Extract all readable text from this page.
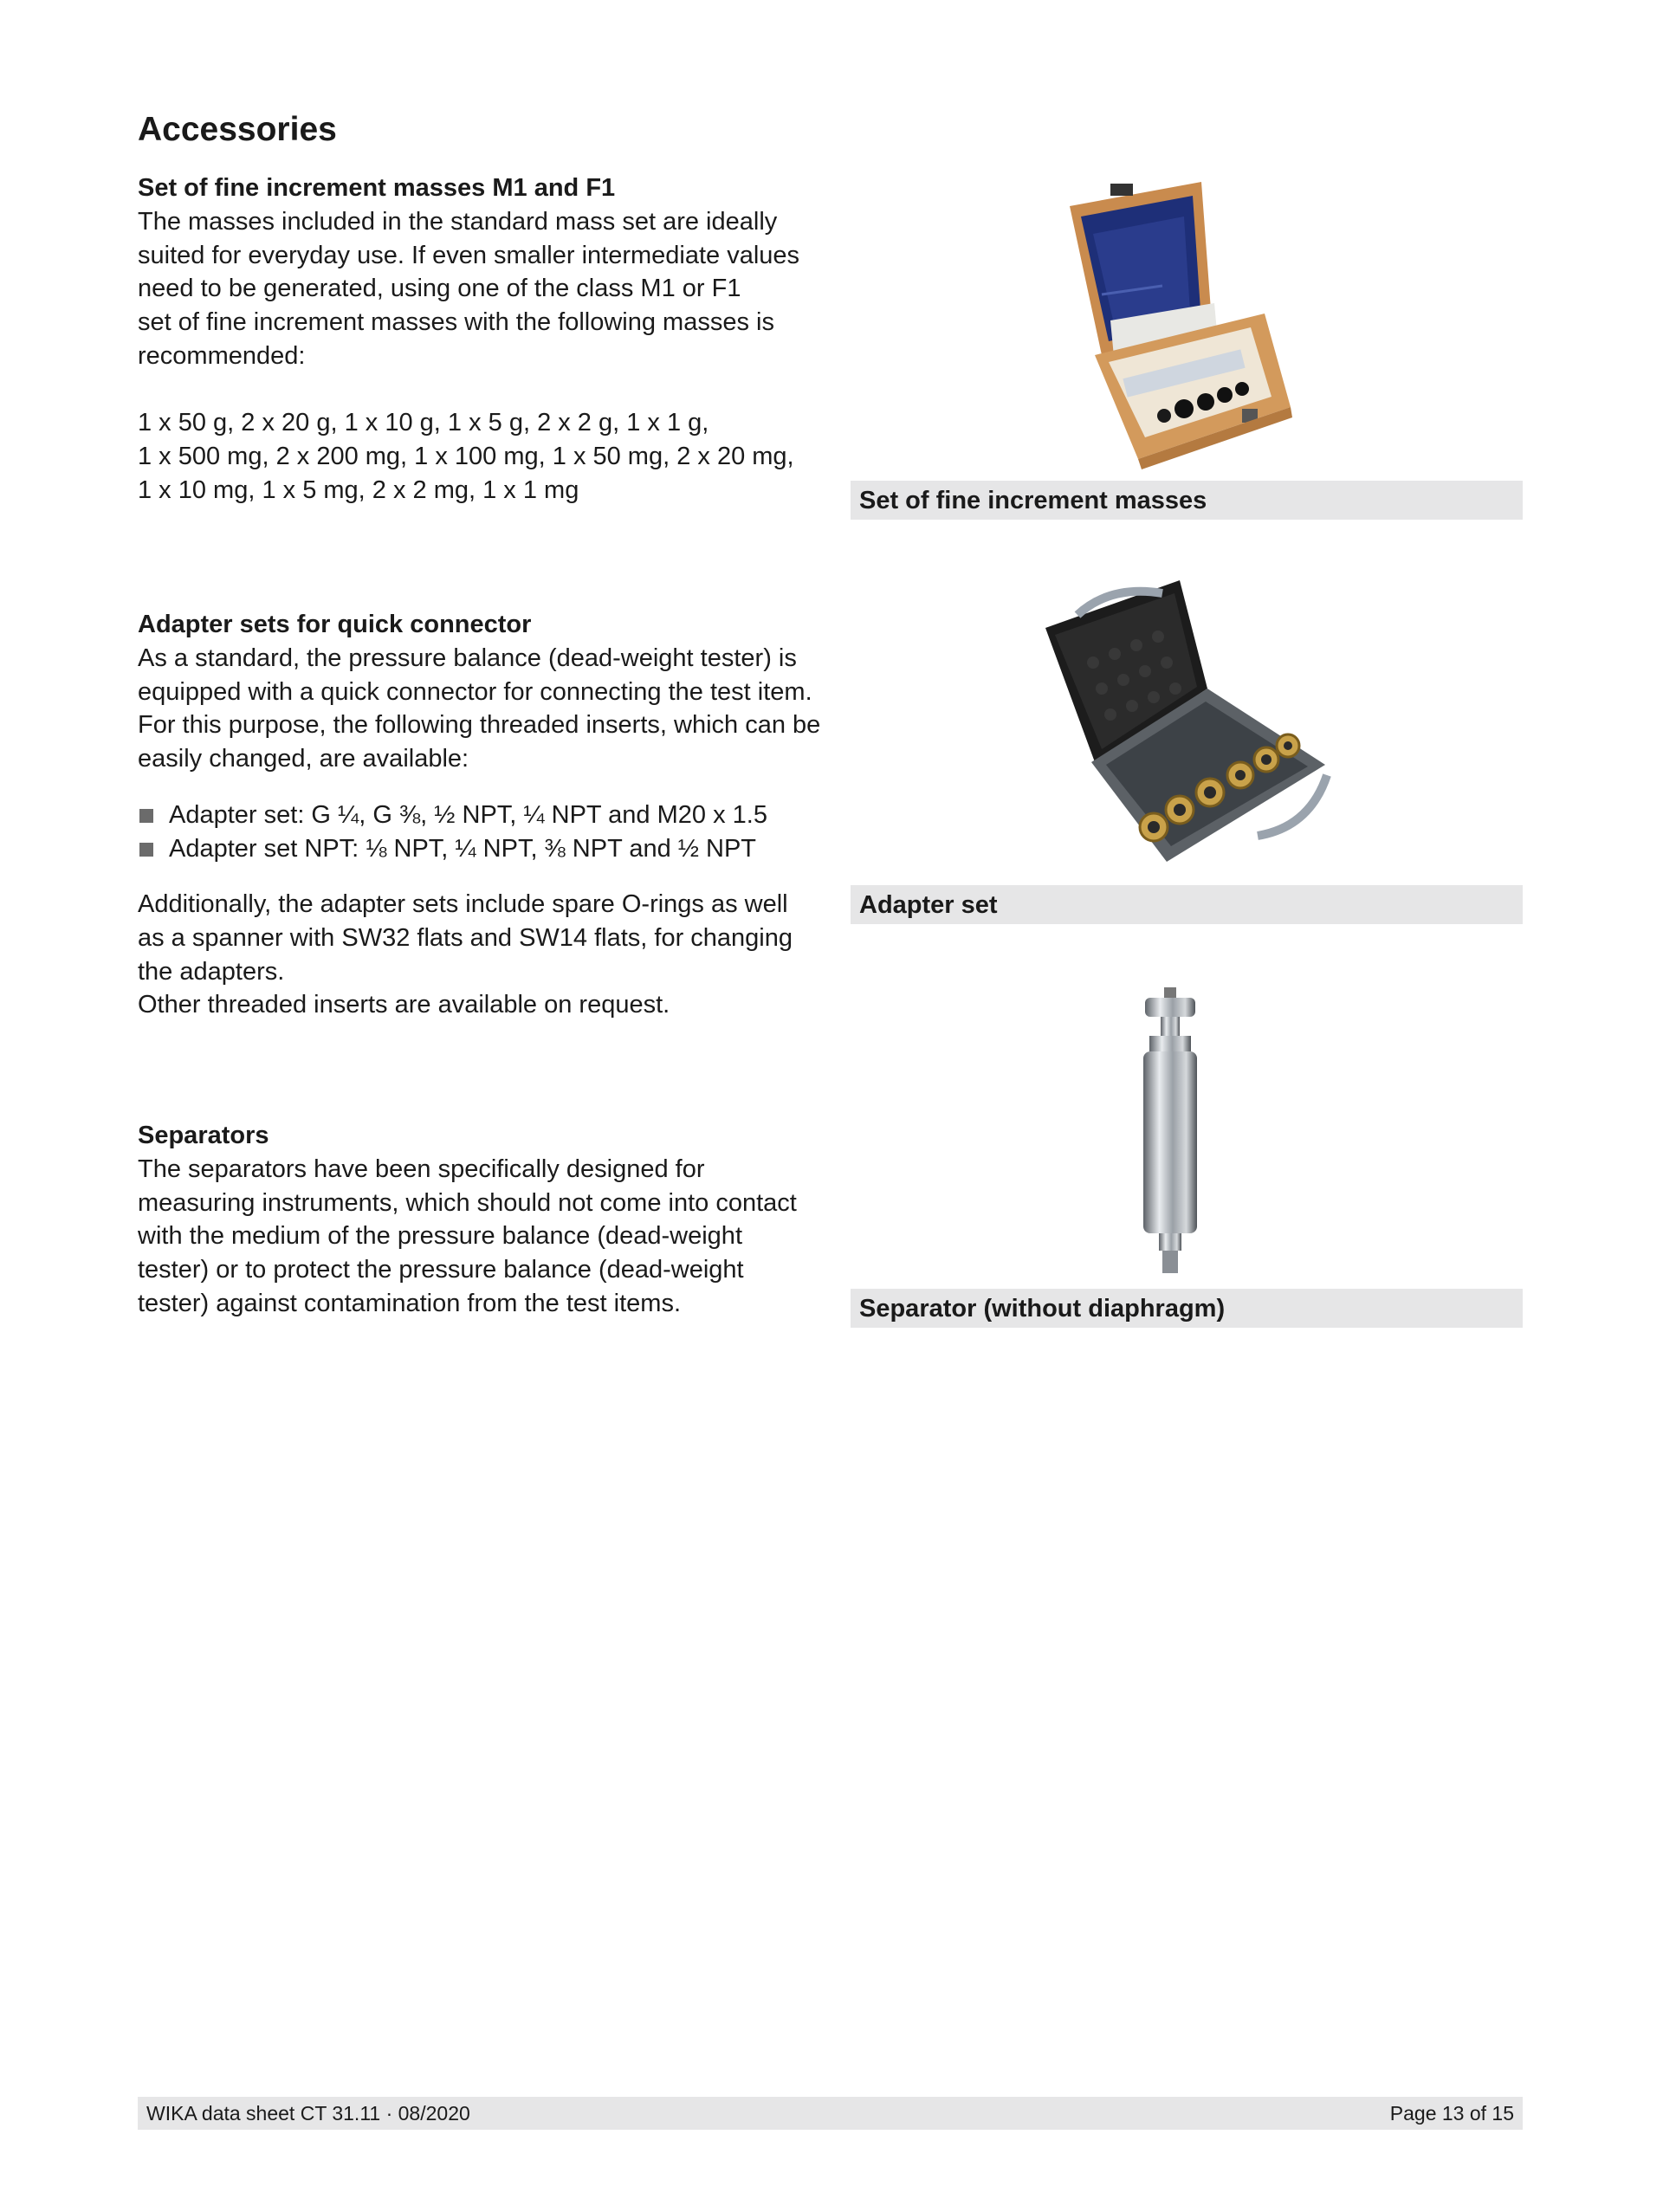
Accessories

Set of fine increment masses M1 and F1

The masses included in the standard mass set are ideally

suited for everyday use. If even smaller intermediate values

need to be generated, using one of the class M1 or F1

set of fine increment masses with the following masses is

recommended:

1 x 50 g, 2 x 20 g, 1 x 10 g, 1 x 5 g, 2 x 2 g, 1 x 1 g,

1 x 500 mg, 2 x 200 mg, 1 x 100 mg, 1 x 50 mg, 2 x 20 mg,

1 x 10 mg, 1 x 5 mg, 2 x 2 mg, 1 x 1 mg	Set of fine increment masses

Adapter sets for quick connector

As a standard, the pressure balance (dead-weight tester) is

equipped with a quick connector for connecting the test item.

For this purpose, the following threaded inserts, which can be

easily changed, are available:

Adapter set: G ¼, G ⅜, ½ NPT, ¼ NPT and M20 x 1.5
Adapter set NPT: ⅛ NPT, ¼ NPT, ⅜ NPT and ½ NPT

Additionally, the adapter sets include spare O-rings as well

as a spanner with SW32 flats and SW14 flats, for changing

the adapters.

Other threaded inserts are available on request.

Adapter set

Separators

The separators have been specifically designed for

measuring instruments, which should not come into contact

with the medium of the pressure balance (dead-weight

tester) or to protect the pressure balance (dead-weight

tester) against contamination from the test items.	Separator (without diaphragm)
WIKA data sheet CT 31.11 · 08/2020	Page 13 of 15
